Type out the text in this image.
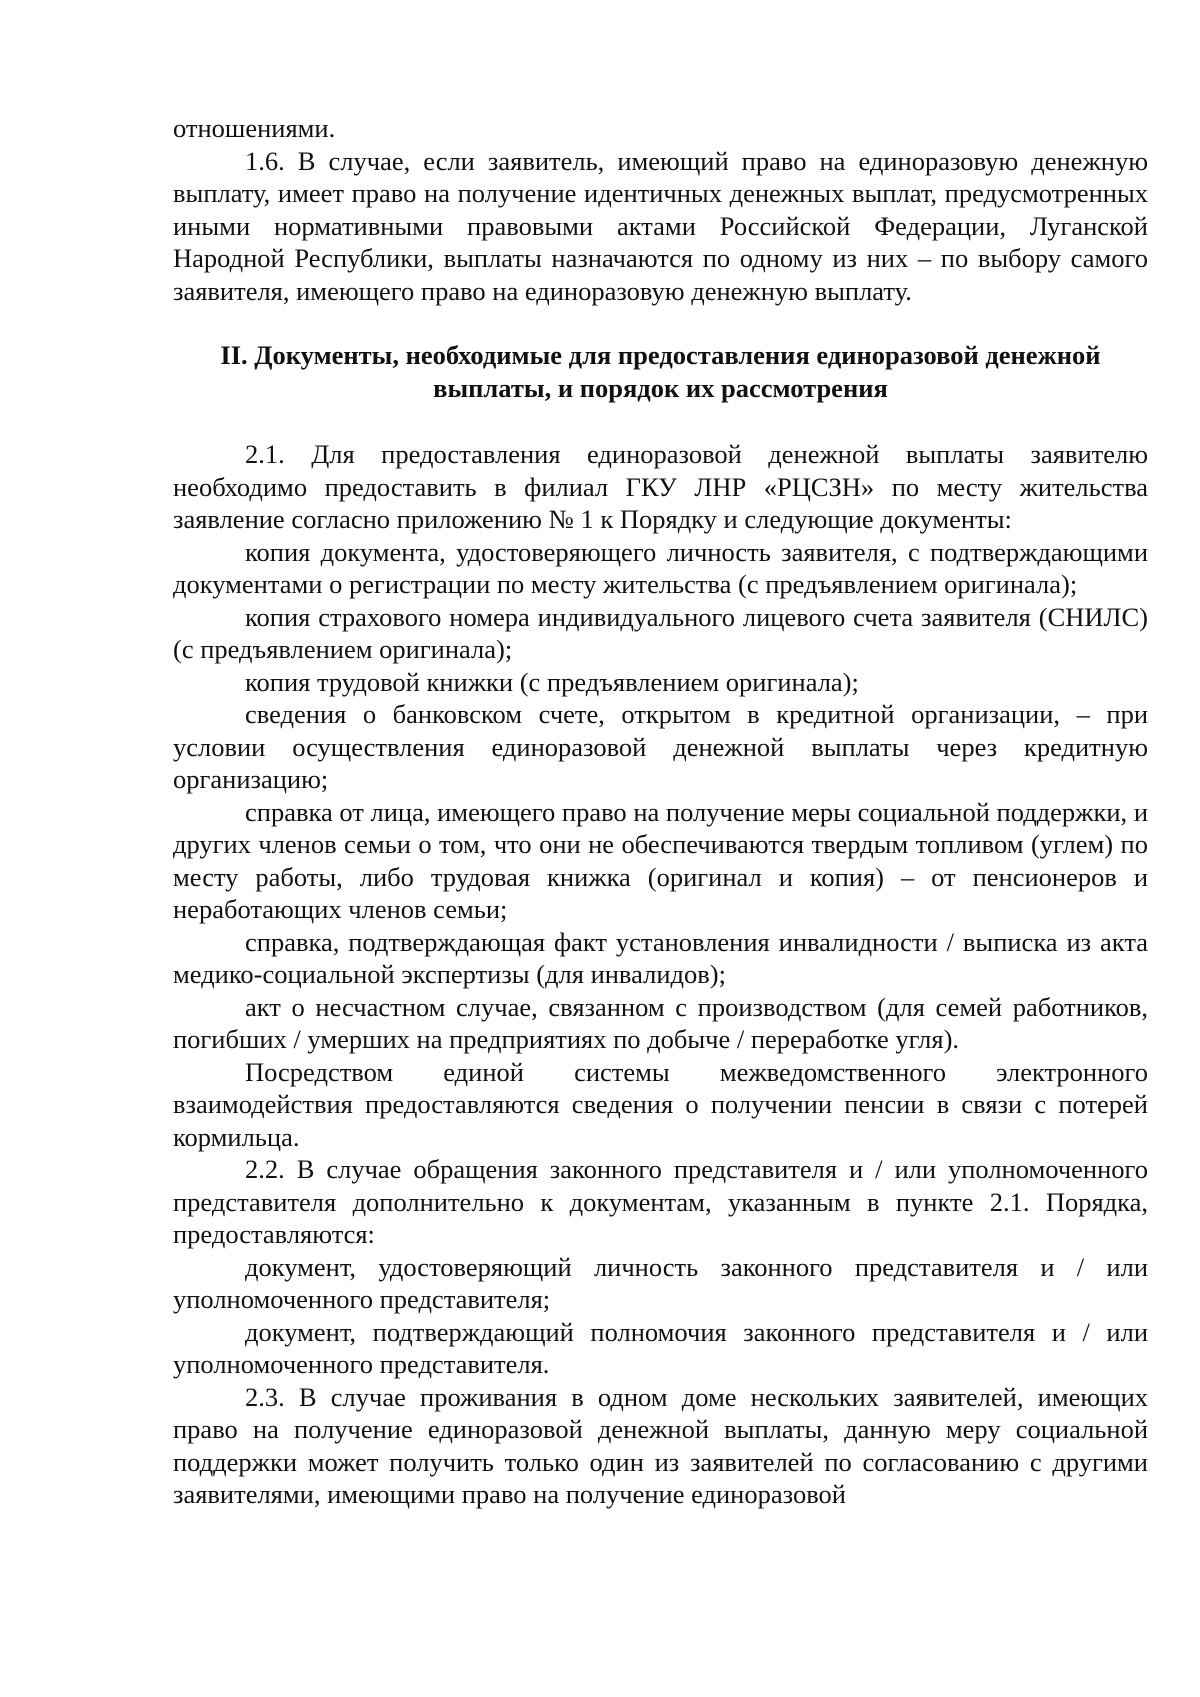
отношениями.

1.6. В случае, если заявитель, имеющий право на единоразовую денежную выплату, имеет право на получение идентичных денежных выплат, предусмотренных иными нормативными правовыми актами Российской Федерации, Луганской Народной Республики, выплаты назначаются по одному из них – по выбору самого заявителя, имеющего право на единоразовую денежную выплату.

II. Документы, необходимые для предоставления единоразовой денежной
выплаты, и порядок их рассмотрения

2.1. Для предоставления единоразовой денежной выплаты заявителю необходимо предоставить в филиал ГКУ ЛНР «РЦСЗН» по месту жительства заявление согласно приложению № 1 к Порядку и следующие документы:

копия документа, удостоверяющего личность заявителя, с подтверждающими документами о регистрации по месту жительства (с предъявлением оригинала);

копия страхового номера индивидуального лицевого счета заявителя (СНИЛС) (с предъявлением оригинала);

копия трудовой книжки (с предъявлением оригинала);

сведения о банковском счете, открытом в кредитной организации, – при условии осуществления единоразовой денежной выплаты через кредитную организацию;

справка от лица, имеющего право на получение меры социальной поддержки, и других членов семьи о том, что они не обеспечиваются твердым топливом (углем) по месту работы, либо трудовая книжка (оригинал и копия) – от пенсионеров и неработающих членов семьи;

справка, подтверждающая факт установления инвалидности / выписка из акта медико-социальной экспертизы (для инвалидов);

акт о несчастном случае, связанном с производством (для семей работников, погибших / умерших на предприятиях по добыче / переработке угля).

Посредством единой системы межведомственного электронного взаимодействия предоставляются сведения о получении пенсии в связи с потерей кормильца.

2.2. В случае обращения законного представителя и / или уполномоченного представителя дополнительно к документам, указанным в пункте 2.1. Порядка, предоставляются:

документ, удостоверяющий личность законного представителя и / или уполномоченного представителя;

документ, подтверждающий полномочия законного представителя и / или уполномоченного представителя.

2.3. В случае проживания в одном доме нескольких заявителей, имеющих право на получение единоразовой денежной выплаты, данную меру социальной поддержки может получить только один из заявителей по согласованию с другими заявителями, имеющими право на получение единоразовой
